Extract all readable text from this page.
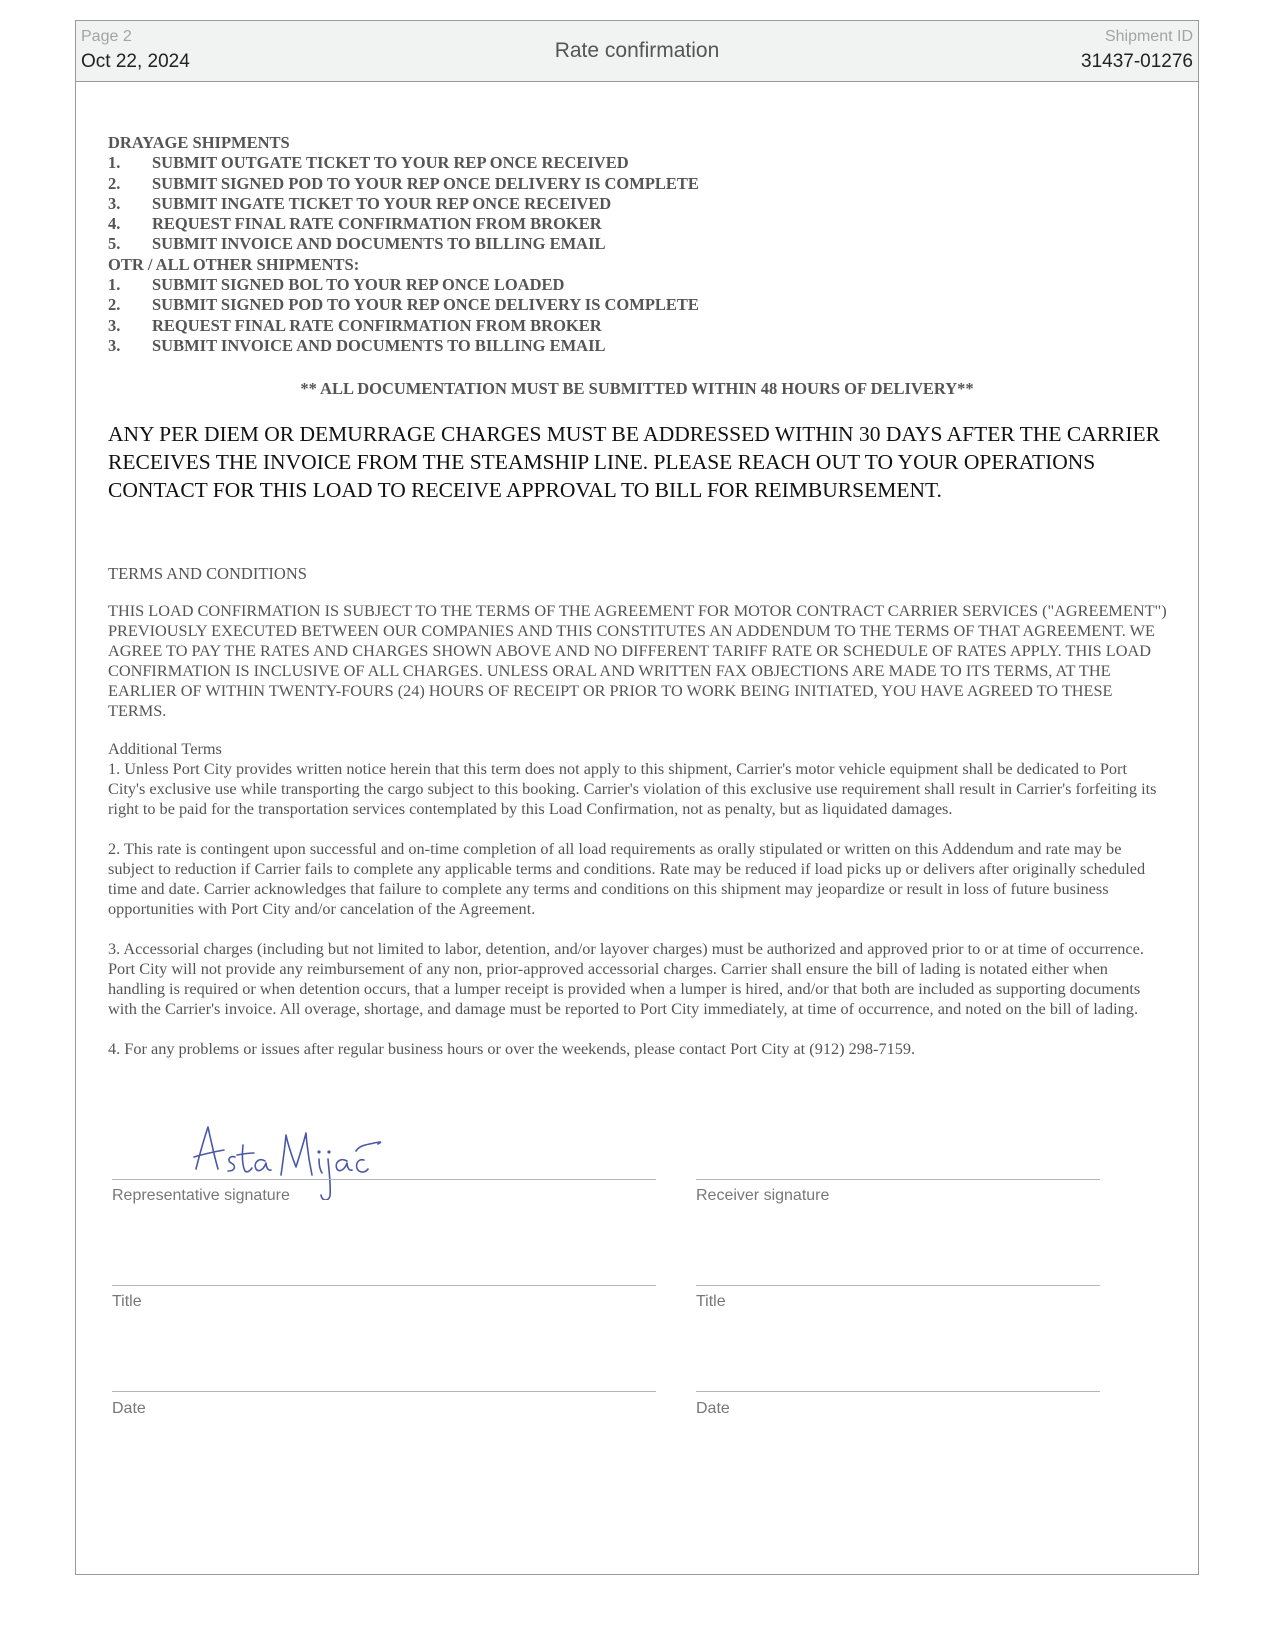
Page 2
Oct 22, 2024	Rate confirmation
Shipment ID
31437-01276
DRAYAGE SHIPMENTS
1. SUBMIT OUTGATE TICKET TO YOUR REP ONCE RECEIVED
2. SUBMIT SIGNED POD TO YOUR REP ONCE DELIVERY IS COMPLETE
3. SUBMIT INGATE TICKET TO YOUR REP ONCE RECEIVED
4. REQUEST FINAL RATE CONFIRMATION FROM BROKER
5. SUBMIT INVOICE AND DOCUMENTS TO BILLING EMAIL
OTR / ALL OTHER SHIPMENTS:
1. SUBMIT SIGNED BOL TO YOUR REP ONCE LOADED
2. SUBMIT SIGNED POD TO YOUR REP ONCE DELIVERY IS COMPLETE
3. REQUEST FINAL RATE CONFIRMATION FROM BROKER
3. SUBMIT INVOICE AND DOCUMENTS TO BILLING EMAIL
** ALL DOCUMENTATION MUST BE SUBMITTED WITHIN 48 HOURS OF DELIVERY**
ANY PER DIEM OR DEMURRAGE CHARGES MUST BE ADDRESSED WITHIN 30 DAYS AFTER THE CARRIER RECEIVES THE INVOICE FROM THE STEAMSHIP LINE. PLEASE REACH OUT TO YOUR OPERATIONS CONTACT FOR THIS LOAD TO RECEIVE APPROVAL TO BILL FOR REIMBURSEMENT.
TERMS AND CONDITIONS
THIS LOAD CONFIRMATION IS SUBJECT TO THE TERMS OF THE AGREEMENT FOR MOTOR CONTRACT CARRIER SERVICES ("AGREEMENT") PREVIOUSLY EXECUTED BETWEEN OUR COMPANIES AND THIS CONSTITUTES AN ADDENDUM TO THE TERMS OF THAT AGREEMENT. WE AGREE TO PAY THE RATES AND CHARGES SHOWN ABOVE AND NO DIFFERENT TARIFF RATE OR SCHEDULE OF RATES APPLY. THIS LOAD CONFIRMATION IS INCLUSIVE OF ALL CHARGES. UNLESS ORAL AND WRITTEN FAX OBJECTIONS ARE MADE TO ITS TERMS, AT THE EARLIER OF WITHIN TWENTY-FOURS (24) HOURS OF RECEIPT OR PRIOR TO WORK BEING INITIATED, YOU HAVE AGREED TO THESE TERMS.

Additional Terms

1. Unless Port City provides written notice herein that this term does not apply to this shipment, Carrier's motor vehicle equipment shall be dedicated to Port City's exclusive use while transporting the cargo subject to this booking. Carrier's violation of this exclusive use requirement shall result in Carrier's forfeiting its right to be paid for the transportation services contemplated by this Load Confirmation, not as penalty, but as liquidated damages.

2. This rate is contingent upon successful and on-time completion of all load requirements as orally stipulated or written on this Addendum and rate may be subject to reduction if Carrier fails to complete any applicable terms and conditions. Rate may be reduced if load picks up or delivers after originally scheduled time and date. Carrier acknowledges that failure to complete any terms and conditions on this shipment may jeopardize or result in loss of future business opportunities with Port City and/or cancelation of the Agreement.

3. Accessorial charges (including but not limited to labor, detention, and/or layover charges) must be authorized and approved prior to or at time of occurrence. Port City will not provide any reimbursement of any non, prior-approved accessorial charges. Carrier shall ensure the bill of lading is notated either when handling is required or when detention occurs, that a lumper receipt is provided when a lumper is hired, and/or that both are included as supporting documents with the Carrier's invoice. All overage, shortage, and damage must be reported to Port City immediately, at time of occurrence, and noted on the bill of lading.

4. For any problems or issues after regular business hours or over the weekends, please contact Port City at (912) 298-7159.

Representative signature	Receiver signature
Title	Title
Date	Date
